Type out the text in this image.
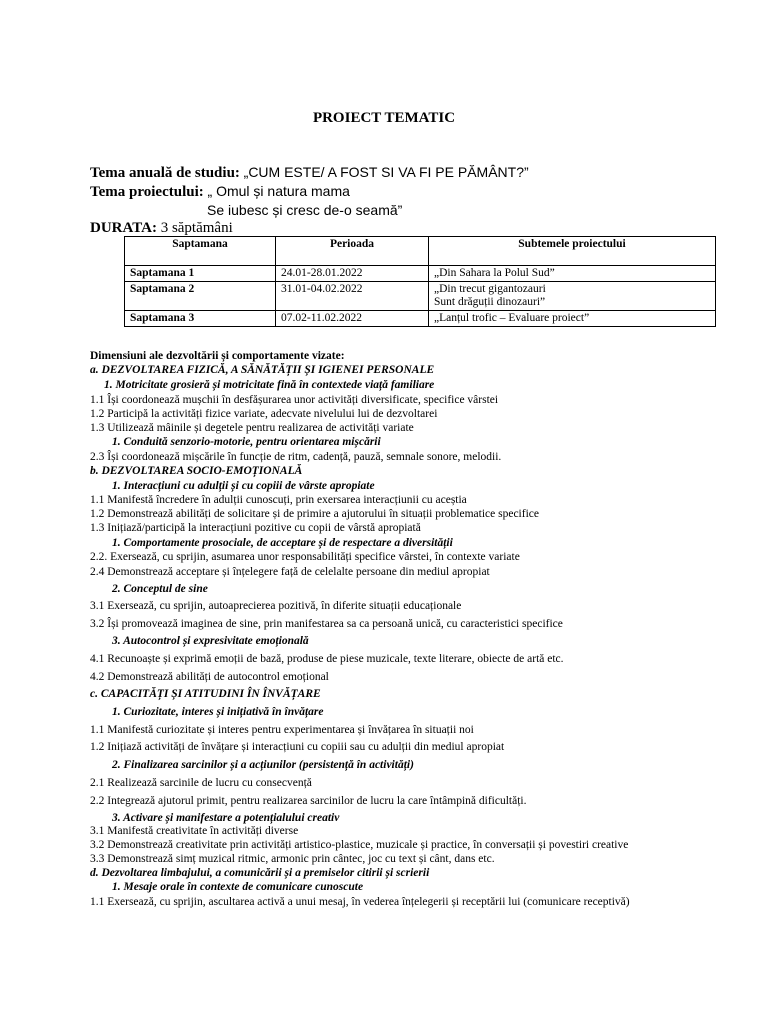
PROIECT TEMATIC
Tema anuală de studiu: „CUM ESTE/ A FOST SI VA FI PE PĂMÂNT?”
Tema proiectului: „ Omul și natura mama
Se iubesc și cresc de-o seamă”
DURATA: 3 săptămâni
Saptamana	Perioada	Subtemele proiectului
Saptamana 1	24.01-28.01.2022	„Din Sahara la Polul Sud”
Saptamana 2	31.01-04.02.2022	„Din trecut gigantozauri
Sunt drăguții dinozauri”

Saptamana 3	07.02-11.02.2022	„Lanțul trofic – Evaluare proiect”
Dimensiuni ale dezvoltării și comportamente vizate:
a. DEZVOLTAREA FIZICĂ, A SĂNĂTĂȚII ȘI IGIENEI PERSONALE
1. Motricitate grosieră și motricitate fină în contextede viață familiare
1.1 Își coordonează mușchii în desfășurarea unor activități diversificate, specifice vârstei
1.2 Participă la activități fizice variate, adecvate nivelului lui de dezvoltarei
1.3 Utilizează mâinile și degetele pentru realizarea de activități variate
1. Conduită senzorio-motorie, pentru orientarea mișcării
2.3 Își coordonează mișcările în funcție de ritm, cadență, pauză, semnale sonore, melodii.
b. DEZVOLTAREA SOCIO-EMOȚIONALĂ
1. Interacțiuni cu adulții și cu copiii de vârste apropiate
1.1 Manifestă încredere în adulții cunoscuți, prin exersarea interacțiunii cu aceștia
1.2 Demonstrează abilități de solicitare și de primire a ajutorului în situații problematice specifice
1.3 Inițiază/participă la interacțiuni pozitive cu copii de vârstă apropiată
1. Comportamente prosociale, de acceptare și de respectare a diversității
2.2. Exersează, cu sprijin, asumarea unor responsabilități specifice vârstei, în contexte variate
2.4 Demonstrează acceptare și înțelegere față de celelalte persoane din mediul apropiat
2. Conceptul de sine
3.1 Exersează, cu sprijin, autoaprecierea pozitivă, în diferite situații educaționale
3.2 Își promovează imaginea de sine, prin manifestarea sa ca persoană unică, cu caracteristici specifice
3. Autocontrol și expresivitate emoțională
4.1 Recunoaște și exprimă emoții de bază, produse de piese muzicale, texte literare, obiecte de artă etc.
4.2 Demonstrează abilități de autocontrol emoțional
c. CAPACITĂȚI ȘI ATITUDINI ÎN ÎNVĂȚARE
1. Curiozitate, interes și inițiativă în învățare
1.1 Manifestă curiozitate și interes pentru experimentarea și învățarea în situații noi
1.2 Inițiază activități de învățare și interacțiuni cu copiii sau cu adulții din mediul apropiat
2. Finalizarea sarcinilor și a acțiunilor (persistență în activități)
2.1 Realizează sarcinile de lucru cu consecvență
2.2 Integrează ajutorul primit, pentru realizarea sarcinilor de lucru la care întâmpină dificultăți.
3. Activare și manifestare a potențialului creativ
3.1 Manifestă creativitate în activități diverse
3.2 Demonstrează creativitate prin activități artistico-plastice, muzicale și practice, în conversații și povestiri creative
3.3 Demonstrează simț muzical ritmic, armonic prin cântec, joc cu text și cânt, dans etc.
d. Dezvoltarea limbajului, a comunicării și a premiselor citirii și scrierii
1. Mesaje orale în contexte de comunicare cunoscute
1.1 Exersează, cu sprijin, ascultarea activă a unui mesaj, în vederea înțelegerii și receptării lui (comunicare receptivă)
